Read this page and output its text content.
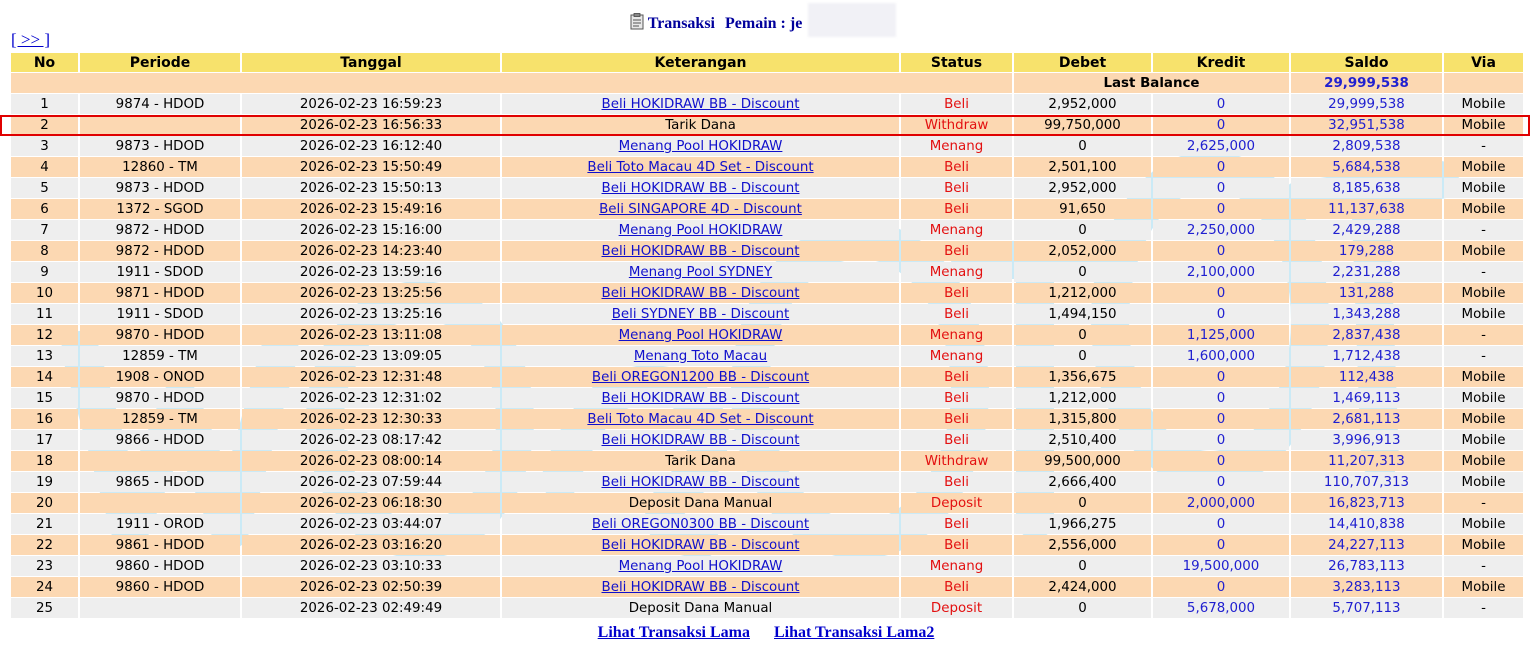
Transaksi Pemain : je
[ >> ]
No	Periode	Tanggal	Keterangan	Status	Debet	Kredit	Saldo	Via
					Last Balance		29,999,538	
1	9874 - HDOD	2026-02-23 16:59:23	Beli HOKIDRAW BB - Discount	Beli	2,952,000	0	29,999,538	Mobile
2		2026-02-23 16:56:33	Tarik Dana	Withdraw	99,750,000	0	32,951,538	Mobile
3	9873 - HDOD	2026-02-23 16:12:40	Menang Pool HOKIDRAW	Menang	0	2,625,000	2,809,538	-
4	12860 - TM	2026-02-23 15:50:49	Beli Toto Macau 4D Set - Discount	Beli	2,501,100	0	5,684,538	Mobile
5	9873 - HDOD	2026-02-23 15:50:13	Beli HOKIDRAW BB - Discount	Beli	2,952,000	0	8,185,638	Mobile
6	1372 - SGOD	2026-02-23 15:49:16	Beli SINGAPORE 4D - Discount	Beli	91,650	0	11,137,638	Mobile
7	9872 - HDOD	2026-02-23 15:16:00	Menang Pool HOKIDRAW	Menang	0	2,250,000	2,429,288	-
8	9872 - HDOD	2026-02-23 14:23:40	Beli HOKIDRAW BB - Discount	Beli	2,052,000	0	179,288	Mobile
9	1911 - SDOD	2026-02-23 13:59:16	Menang Pool SYDNEY	Menang	0	2,100,000	2,231,288	-
10	9871 - HDOD	2026-02-23 13:25:56	Beli HOKIDRAW BB - Discount	Beli	1,212,000	0	131,288	Mobile
11	1911 - SDOD	2026-02-23 13:25:16	Beli SYDNEY BB - Discount	Beli	1,494,150	0	1,343,288	Mobile
12	9870 - HDOD	2026-02-23 13:11:08	Menang Pool HOKIDRAW	Menang	0	1,125,000	2,837,438	-
13	12859 - TM	2026-02-23 13:09:05	Menang Toto Macau	Menang	0	1,600,000	1,712,438	-
14	1908 - ONOD	2026-02-23 12:31:48	Beli OREGON1200 BB - Discount	Beli	1,356,675	0	112,438	Mobile
15	9870 - HDOD	2026-02-23 12:31:02	Beli HOKIDRAW BB - Discount	Beli	1,212,000	0	1,469,113	Mobile
16	12859 - TM	2026-02-23 12:30:33	Beli Toto Macau 4D Set - Discount	Beli	1,315,800	0	2,681,113	Mobile
17	9866 - HDOD	2026-02-23 08:17:42	Beli HOKIDRAW BB - Discount	Beli	2,510,400	0	3,996,913	Mobile
18		2026-02-23 08:00:14	Tarik Dana	Withdraw	99,500,000	0	11,207,313	Mobile
19	9865 - HDOD	2026-02-23 07:59:44	Beli HOKIDRAW BB - Discount	Beli	2,666,400	0	110,707,313	Mobile
20		2026-02-23 06:18:30	Deposit Dana Manual	Deposit	0	2,000,000	16,823,713	-
21	1911 - OROD	2026-02-23 03:44:07	Beli OREGON0300 BB - Discount	Beli	1,966,275	0	14,410,838	Mobile
22	9861 - HDOD	2026-02-23 03:16:20	Beli HOKIDRAW BB - Discount	Beli	2,556,000	0	24,227,113	Mobile
23	9860 - HDOD	2026-02-23 03:10:33	Menang Pool HOKIDRAW	Menang	0	19,500,000	26,783,113	-
24	9860 - HDOD	2026-02-23 02:50:39	Beli HOKIDRAW BB - Discount	Beli	2,424,000	0	3,283,113	Mobile
25		2026-02-23 02:49:49	Deposit Dana Manual	Deposit	0	5,678,000	5,707,113	-
Lihat Transaksi Lama Lihat Transaksi Lama2
